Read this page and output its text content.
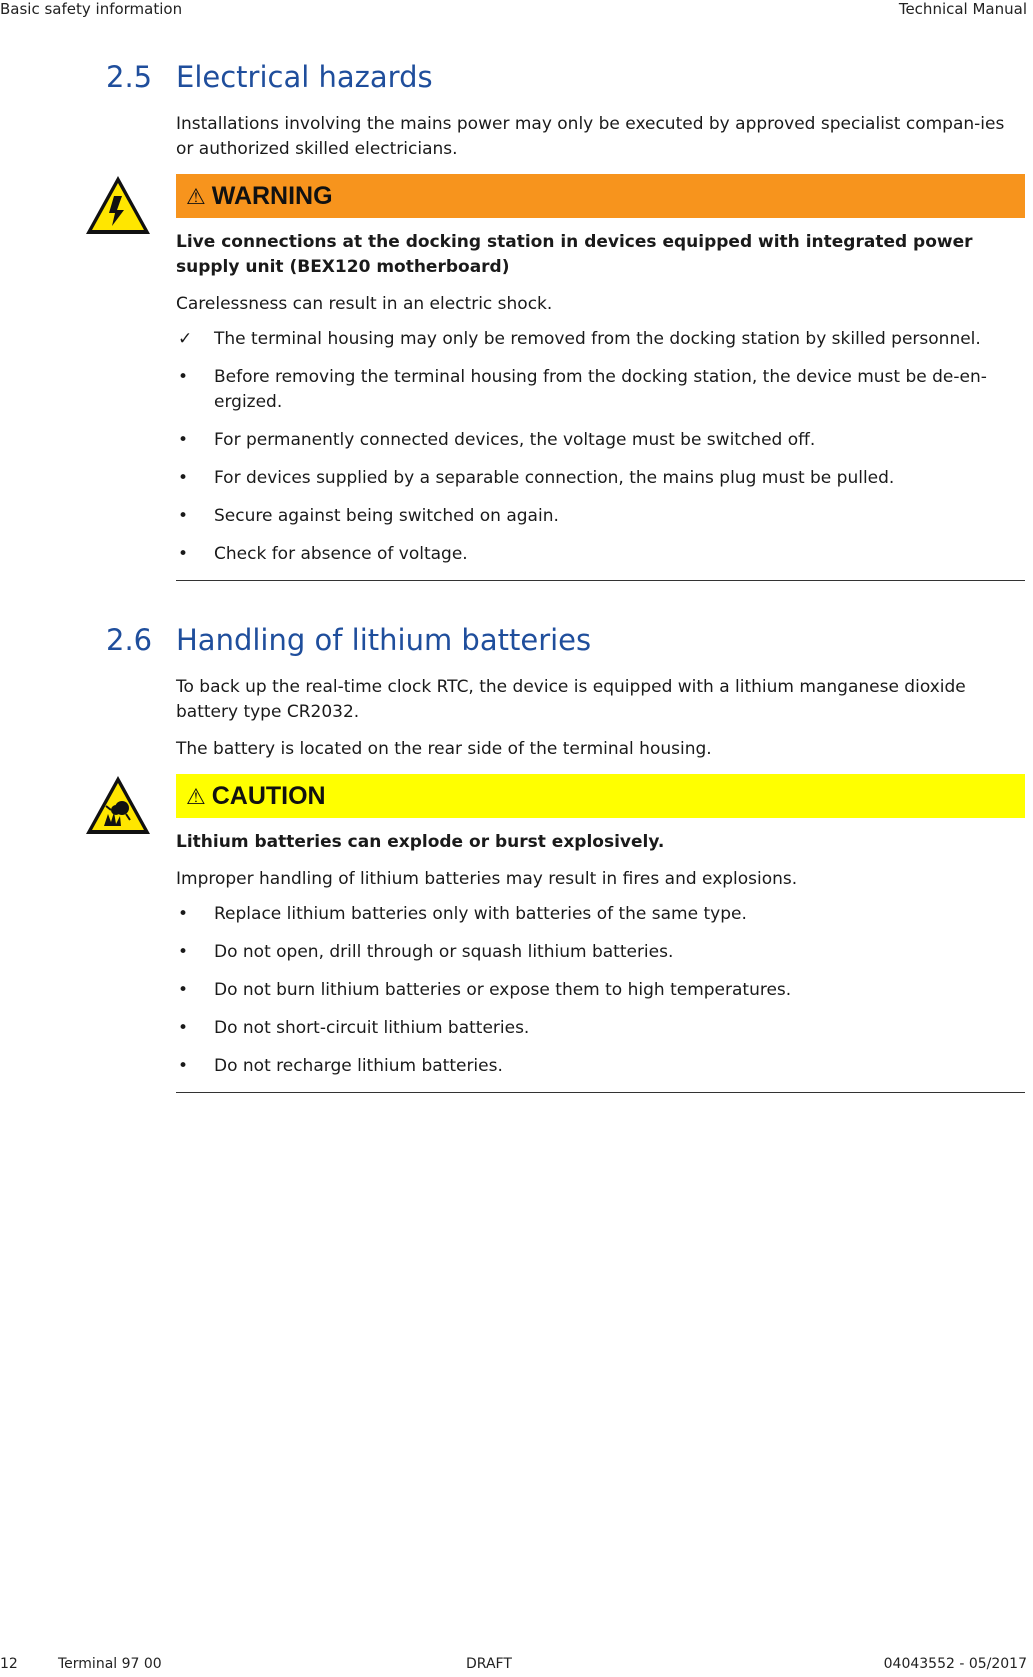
Basic safety information	Technical Manual
2.5 Electrical hazards

Installations involving the mains power may only be executed by approved specialist compan-ies or authorized skilled electricians.

⚠ WARNING
Live connections at the docking station in devices equipped with integrated power supply unit (BEX120 motherboard)
Carelessness can result in an electric shock.
✓	The terminal housing may only be removed from the docking station by skilled personnel.
•	Before removing the terminal housing from the docking station, the device must be de-en-ergized.
•	For permanently connected devices, the voltage must be switched off.
•	For devices supplied by a separable connection, the mains plug must be pulled.
•	Secure against being switched on again.
•	Check for absence of voltage.
2.6 Handling of lithium batteries

To back up the real-time clock RTC, the device is equipped with a lithium manganese dioxide battery type CR2032.

The battery is located on the rear side of the terminal housing.

⚠ CAUTION
Lithium batteries can explode or burst explosively.
Improper handling of lithium batteries may result in fires and explosions.
•	Replace lithium batteries only with batteries of the same type.
•	Do not open, drill through or squash lithium batteries.
•	Do not burn lithium batteries or expose them to high temperatures.
•	Do not short-circuit lithium batteries.
•	Do not recharge lithium batteries.
12	Terminal 97 00	DRAFT	04043552 - 05/2017
